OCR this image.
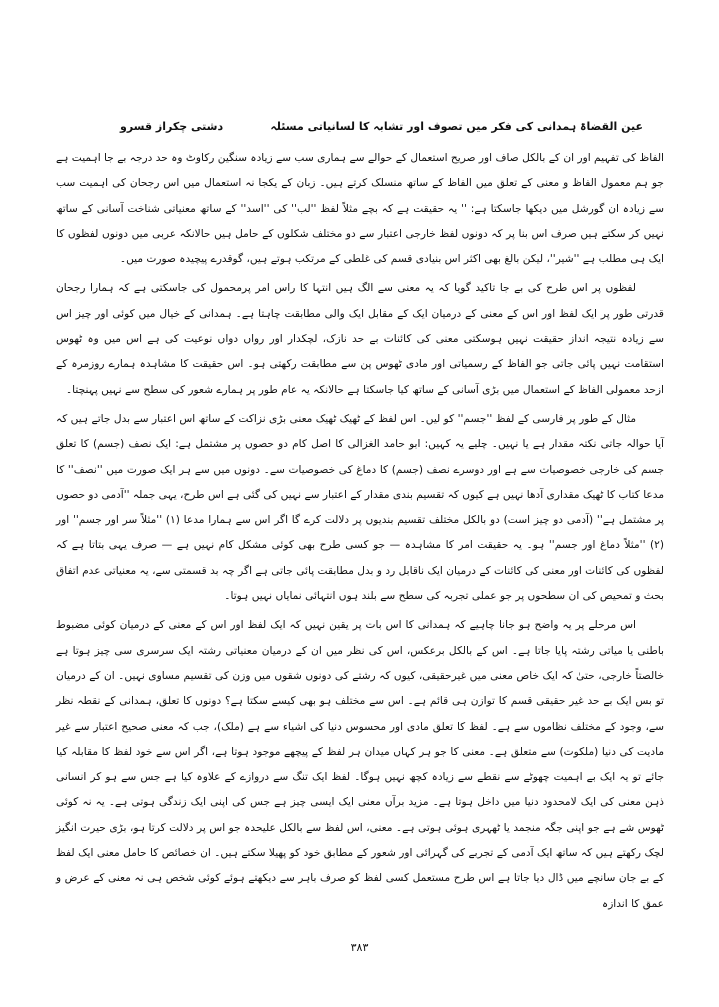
عین القضاۃ ہمدانی کی فکر میں تصوف اور تشابہ کا لسانیاتی مسئلہ
دشتی چکراز قسرو

الفاظ کی تفہیم اور ان کے بالکل صاف اور صریح استعمال کے حوالے سے ہماری سب سے زیادہ سنگین رکاوٹ وہ حد درجہ بے جا اہمیت ہے جو ہم معمول الفاظ و معنی کے تعلق میں الفاظ کے ساتھ منسلک کرتے ہیں۔ زبان کے یکجا نہ استعمال میں اس رجحان کی اہمیت سب سے زیادہ ان گورشل میں دیکھا جاسکتا ہے: '' یہ حقیقت ہے کہ بچے مثلاً لفظ ''لب'' کی ''اسد'' کے ساتھ معنیاتی شناخت آسانی کے ساتھ نہیں کر سکتے ہیں صرف اس بنا پر کہ دونوں لفظ خارجی اعتبار سے دو مختلف شکلوں کے حامل ہیں حالانکہ عربی میں دونوں لفظوں کا ایک ہی مطلب ہے ''شیر''، لیکن بالغ بھی اکثر اس بنیادی قسم کی غلطی کے مرتکب ہوتے ہیں، گوقدرے پیچیدہ صورت میں۔

لفظوں پر اس طرح کی بے جا تاکید گویا کہ یہ معنی سے الگ ہیں انتہا کا راس امر پرمحمول کی جاسکتی ہے کہ ہمارا رجحان قدرتی طور پر ایک لفظ اور اس کے معنی کے درمیان ایک کے مقابل ایک والی مطابقت چاہتا ہے۔ ہمدانی کے خیال میں کوئی اور چیز اس سے زیادہ نتیجہ انداز حقیقت نہیں ہوسکتی معنی کی کائنات بے حد نازک، لچکدار اور رواں دواں نوعیت کی ہے اس میں وہ ٹھوس استقامت نہیں پائی جاتی جو الفاظ کے رسمیاتی اور مادی ٹھوس پن سے مطابقت رکھتی ہو۔ اس حقیقت کا مشاہدہ ہمارے روزمرہ کے ازحد معمولی الفاظ کے استعمال میں بڑی آسانی کے ساتھ کیا جاسکتا ہے حالانکہ یہ عام طور پر ہمارے شعور کی سطح سے نہیں پہنچتا۔

مثال کے طور پر فارسی کے لفظ ''جسم'' کو لیں۔ اس لفظ کے ٹھیک ٹھیک معنی بڑی نزاکت کے ساتھ اس اعتبار سے بدل جاتے ہیں کہ آیا حوالہ جاتی نکتہ مقدار ہے یا نہیں۔ چلیے یہ کہیں: ابو حامد الغزالی کا اصل کام دو حصوں پر مشتمل ہے: ایک نصف (جسم) کا تعلق جسم کی خارجی خصوصیات سے ہے اور دوسرے نصف (جسم) کا دماغ کی خصوصیات سے۔ دونوں میں سے ہر ایک صورت میں ''نصف'' کا مدعا کتاب کا ٹھیک مقداری آدھا نہیں ہے کیوں کہ تقسیم بندی مقدار کے اعتبار سے نہیں کی گئی ہے اس طرح، یہی جملہ ''آدمی دو حصوں پر مشتمل ہے'' (آدمی دو چیز است) دو بالکل مختلف تقسیم بندیوں پر دلالت کرے گا اگر اس سے ہمارا مدعا (۱) ''مثلاً سر اور جسم'' اور (۲) ''مثلاً دماغ اور جسم'' ہو۔ یہ حقیقت امر کا مشاہدہ — جو کسی طرح بھی کوئی مشکل کام نہیں ہے — صرف یہی بتاتا ہے کہ لفظوں کی کائنات اور معنی کی کائنات کے درمیان ایک ناقابل رد و بدل مطابقت پائی جاتی ہے اگر چہ بد قسمتی سے، یہ معنیاتی عدم اتفاق بحث و تمحیص کی ان سطحوں پر جو عملی تجربہ کی سطح سے بلند ہوں انتہائی نمایاں نہیں ہوتا۔

اس مرحلے پر یہ واضح ہو جانا چاہیے کہ ہمدانی کا اس بات پر یقین نہیں کہ ایک لفظ اور اس کے معنی کے درمیان کوئی مضبوط باطنی یا میاتی رشتہ پایا جاتا ہے۔ اس کے بالکل برعکس، اس کی نظر میں ان کے درمیان معنیاتی رشتہ ایک سرسری سی چیز ہوتا ہے خالصتاً خارجی، حتیٰ کہ ایک خاص معنی میں غیرحقیقی، کیوں کہ رشتے کی دونوں شقوں میں وزن کی تقسیم مساوی نہیں۔ ان کے درمیان تو بس ایک بے حد غیر حقیقی قسم کا توازن ہی قائم ہے۔ اس سے مختلف ہو بھی کیسے سکتا ہے؟ دونوں کا تعلق، ہمدانی کے نقطہ نظر سے، وجود کے مختلف نظاموں سے ہے۔ لفظ کا تعلق مادی اور محسوس دنیا کی اشیاء سے ہے (ملک)، جب کہ معنی صحیح اعتبار سے غیر مادیت کی دنیا (ملکوت) سے متعلق ہے۔ معنی کا جو ہر کہاں میدان ہر لفظ کے پیچھے موجود ہوتا ہے، اگر اس سے خود لفظ کا مقابلہ کیا جائے تو یہ ایک بے اہمیت چھوٹے سے نقطے سے زیادہ کچھ نہیں ہوگا۔ لفظ ایک تنگ سے دروازے کے علاوہ کیا ہے جس سے ہو کر انسانی ذہن معنی کی ایک لامحدود دنیا میں داخل ہوتا ہے۔ مزید برآں معنی ایک ایسی چیز ہے جس کی اپنی ایک زندگی ہوتی ہے۔ یہ نہ کوئی ٹھوس شے ہے جو اپنی جگہ منجمد یا ٹھہری ہوئی ہوتی ہے۔ معنی، اس لفظ سے بالکل علیحدہ جو اس پر دلالت کرتا ہو، بڑی حیرت انگیز لچک رکھتے ہیں کہ ساتھ ایک آدمی کے تجربے کی گہرائی اور شعور کے مطابق خود کو پھیلا سکتے ہیں۔ ان خصائص کا حامل معنی ایک لفظ کے بے جان سانچے میں ڈال دیا جاتا ہے اس طرح مستعمل کسی لفظ کو صرف باہر سے دیکھتے ہوئے کوئی شخص ہی نہ معنی کے عرض و عمق کا اندازہ

۳۸۳
